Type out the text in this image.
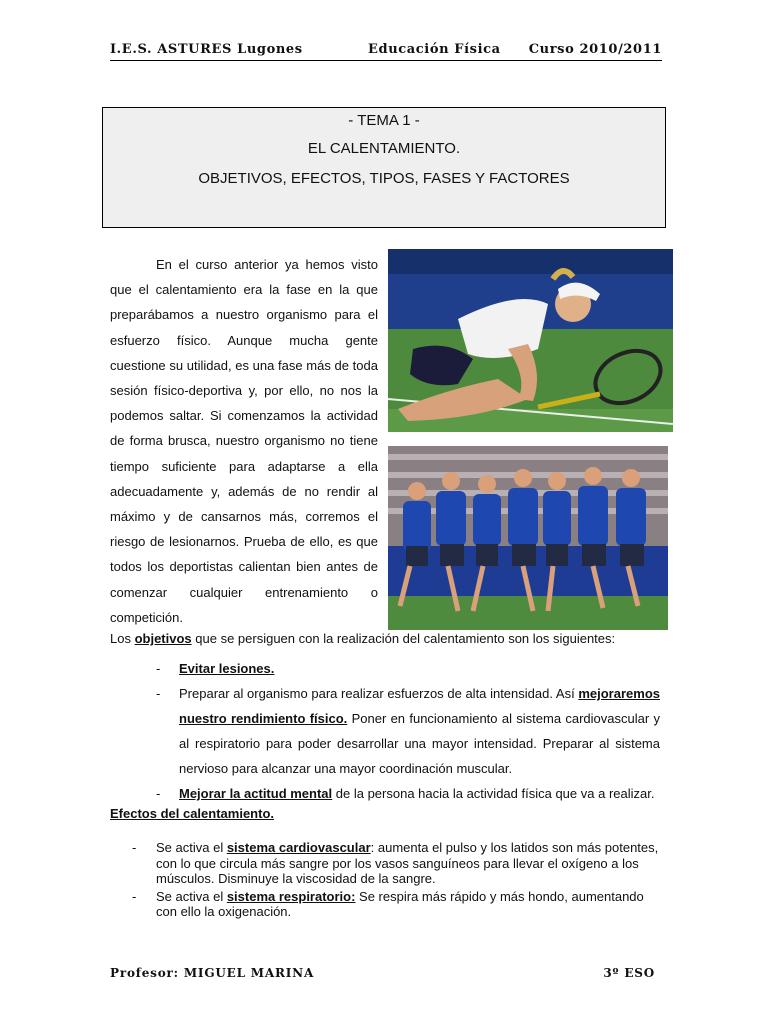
I.E.S. ASTURES Lugones	Educación Física Curso 2010/2011
- TEMA 1 -
EL CALENTAMIENTO.
OBJETIVOS, EFECTOS, TIPOS, FASES Y FACTORES

En el curso anterior ya hemos visto que el calentamiento era la fase en la que preparábamos a nuestro organismo para el esfuerzo físico. Aunque mucha gente cuestione su utilidad, es una fase más de toda sesión físico-deportiva y, por ello, no nos la podemos saltar. Si comenzamos la actividad de forma brusca, nuestro organismo no tiene tiempo suficiente para adaptarse a ella adecuadamente y, además de no rendir al máximo y de cansarnos más, corremos el riesgo de lesionarnos. Prueba de ello, es que todos los deportistas calientan bien antes de comenzar cualquier entrenamiento o competición.

Los objetivos que se persiguen con la realización del calentamiento son los siguientes:
- Evitar lesiones.
- Preparar al organismo para realizar esfuerzos de alta intensidad. Así mejoraremos nuestro rendimiento físico. Poner en funcionamiento al sistema cardiovascular y al respiratorio para poder desarrollar una mayor intensidad. Preparar al sistema nervioso para alcanzar una mayor coordinación muscular.
- Mejorar la actitud mental de la persona hacia la actividad física que va a realizar.
Efectos del calentamiento.
- Se activa el sistema cardiovascular: aumenta el pulso y los latidos son más potentes, con lo que circula más sangre por los vasos sanguíneos para llevar el oxígeno a los músculos. Disminuye la viscosidad de la sangre.
- Se activa el sistema respiratorio: Se respira más rápido y más hondo, aumentando con ello la oxigenación.
Profesor: MIGUEL MARINA	3º ESO
